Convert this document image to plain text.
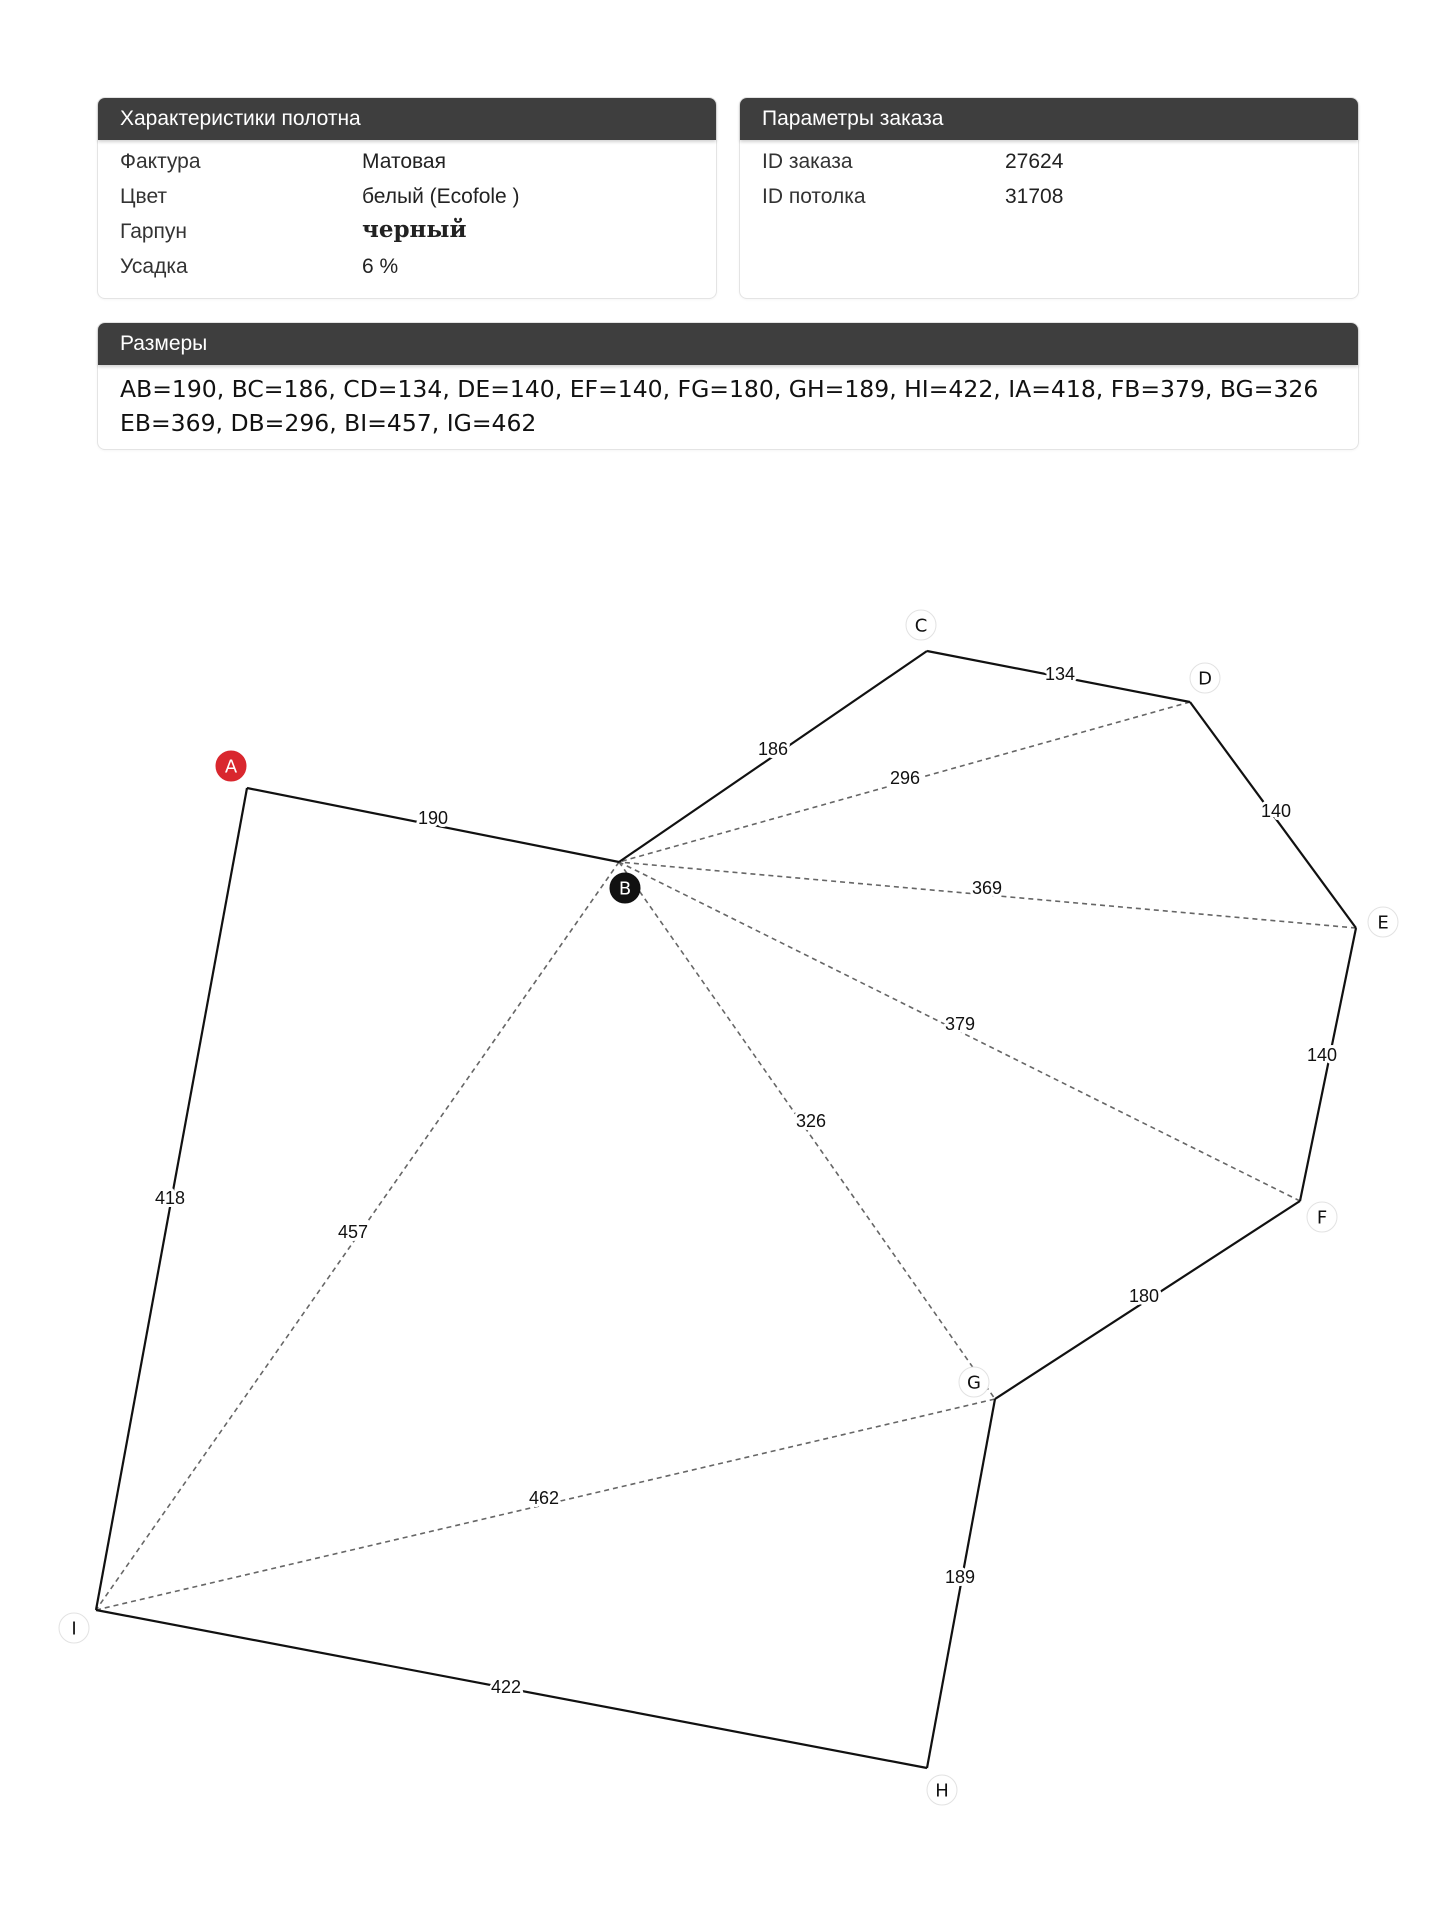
Характеристики полотна
Фактура	Матовая
Цвет	белый (Ecofole )
Гарпун	черный
Усадка	6 %
Параметры заказа
ID заказа	27624
ID потолка	31708
Размеры
AB=190, BC=186, CD=134, DE=140, EF=140, FG=180, GH=189, HI=422, IA=418, FB=379, BG=326
EB=369, DB=296, BI=457, IG=462
190
186
134
140
140
180
189
422
418
296
369
379
326
457
462
A
B
C
D
E
F
G
H
I
